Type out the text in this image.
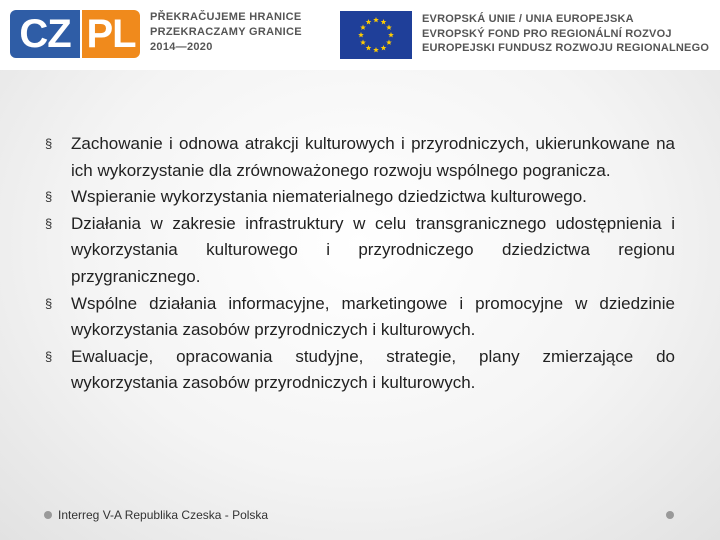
CZ PL	PŘEKRAČUJEME HRANICE
PRZEKRACZAMY GRANICE
2014—2020
EVROPSKÁ UNIE / UNIA EUROPEJSKA
EVROPSKÝ FOND PRO REGIONÁLNÍ ROZVOJ
EUROPEJSKI FUNDUSZ ROZWOJU REGIONALNEGO
§ Zachowanie i odnowa atrakcji kulturowych i przyrodniczych, ukierunkowane na ich wykorzystanie dla zrównoważonego rozwoju wspólnego pogranicza.
§ Wspieranie wykorzystania niematerialnego dziedzictwa kulturowego.
§ Działania w zakresie infrastruktury w celu transgranicznego udostępnienia i wykorzystania kulturowego i przyrodniczego dziedzictwa regionu przygranicznego.
§ Wspólne działania informacyjne, marketingowe i promocyjne w dziedzinie wykorzystania zasobów przyrodniczych i kulturowych.
§ Ewaluacje, opracowania studyjne, strategie, plany zmierzające do wykorzystania zasobów przyrodniczych i kulturowych.
Interreg V-A Republika Czeska - Polska
